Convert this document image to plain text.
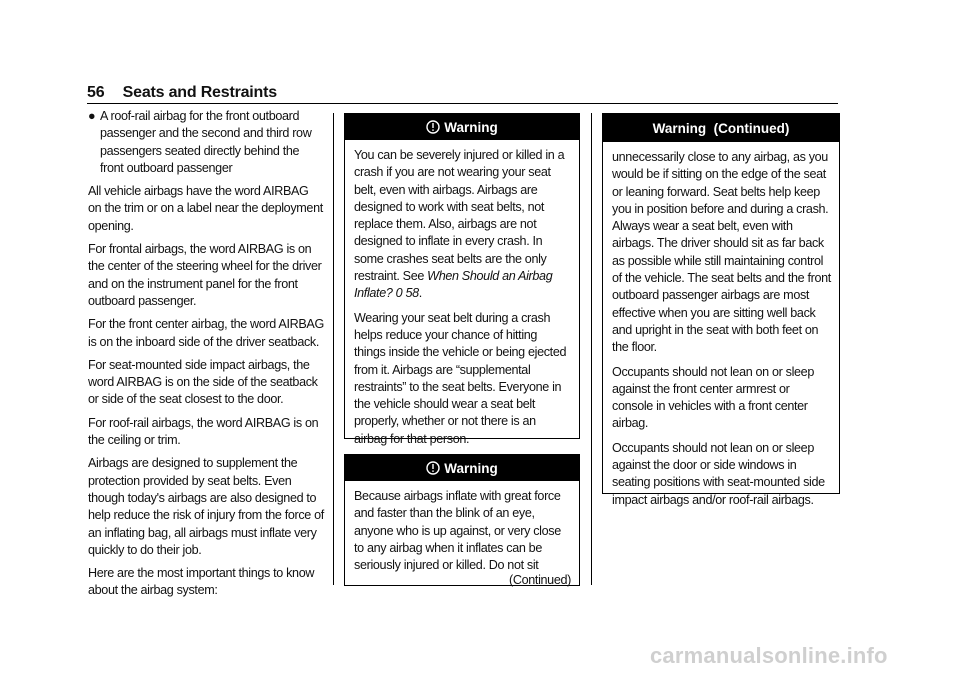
56 Seats and Restraints
● A roof-rail airbag for the front outboard passenger and the second and third row passengers seated directly behind the front outboard passenger

All vehicle airbags have the word AIRBAG on the trim or on a label near the deployment opening.

For frontal airbags, the word AIRBAG is on the center of the steering wheel for the driver and on the instrument panel for the front outboard passenger.

For the front center airbag, the word AIRBAG is on the inboard side of the driver seatback.

For seat-mounted side impact airbags, the word AIRBAG is on the side of the seatback or side of the seat closest to the door.

For roof-rail airbags, the word AIRBAG is on the ceiling or trim.

Airbags are designed to supplement the protection provided by seat belts. Even though today's airbags are also designed to help reduce the risk of injury from the force of an inflating bag, all airbags must inflate very quickly to do their job.

Here are the most important things to know about the airbag system:

Warning

You can be severely injured or killed in a crash if you are not wearing your seat belt, even with airbags. Airbags are designed to work with seat belts, not replace them. Also, airbags are not designed to inflate in every crash. In some crashes seat belts are the only restraint. See When Should an Airbag Inflate? 0 58.

Wearing your seat belt during a crash helps reduce your chance of hitting things inside the vehicle or being ejected from it. Airbags are “supplemental restraints” to the seat belts. Everyone in the vehicle should wear a seat belt properly, whether or not there is an airbag for that person.

Warning

Because airbags inflate with great force and faster than the blink of an eye, anyone who is up against, or very close to any airbag when it inflates can be seriously injured or killed. Do not sit

(Continued)
Warning  (Continued)

unnecessarily close to any airbag, as you would be if sitting on the edge of the seat or leaning forward. Seat belts help keep you in position before and during a crash. Always wear a seat belt, even with airbags. The driver should sit as far back as possible while still maintaining control of the vehicle. The seat belts and the front outboard passenger airbags are most effective when you are sitting well back and upright in the seat with both feet on the floor.

Occupants should not lean on or sleep against the front center armrest or console in vehicles with a front center airbag.

Occupants should not lean on or sleep against the door or side windows in seating positions with seat-mounted side impact airbags and/or roof-rail airbags.

carmanualsonline.info
